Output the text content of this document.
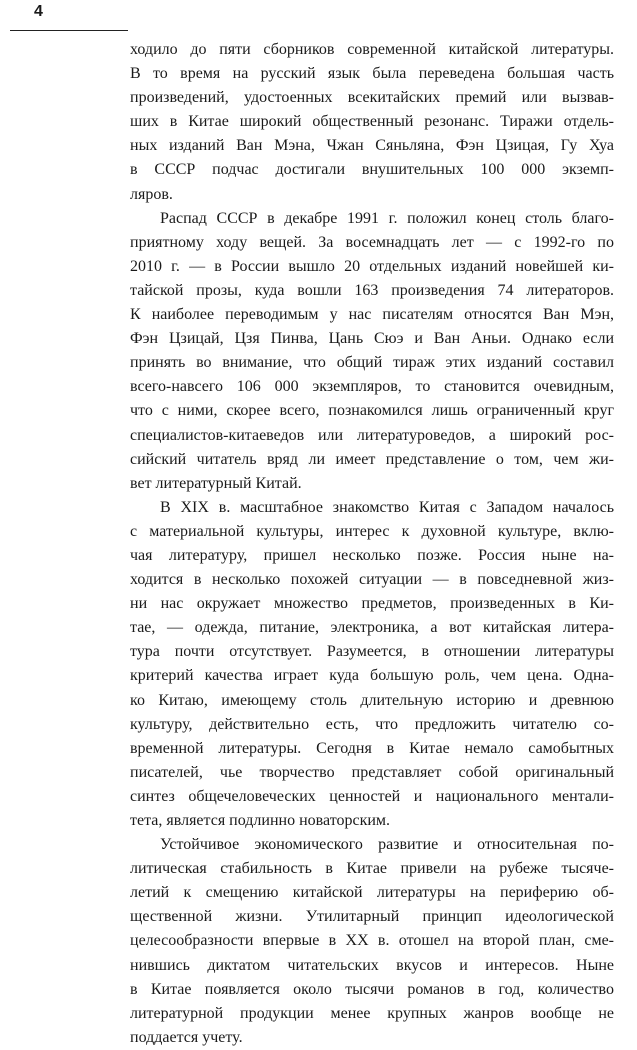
4
ходило до пяти сборников современной китайской литературы.
В то время на русский язык была переведена большая часть
произведений, удостоенных всекитайских премий или вызвав-
ших в Китае широкий общественный резонанс. Тиражи отдель-
ных изданий Ван Мэна, Чжан Сяньляна, Фэн Цзицая, Гу Хуа
в СССР подчас достигали внушительных 100 000 экземп-
ляров.
Распад СССР в декабре 1991 г. положил конец столь благо-
приятному ходу вещей. За восемнадцать лет — с 1992-го по
2010 г. — в России вышло 20 отдельных изданий новейшей ки-
тайской прозы, куда вошли 163 произведения 74 литераторов.
К наиболее переводимым у нас писателям относятся Ван Мэн,
Фэн Цзицай, Цзя Пинва, Цань Сюэ и Ван Аньи. Однако если
принять во внимание, что общий тираж этих изданий составил
всего-навсего 106 000 экземпляров, то становится очевидным,
что с ними, скорее всего, познакомился лишь ограниченный круг
специалистов-китаеведов или литературоведов, а широкий рос-
сийский читатель вряд ли имеет представление о том, чем жи-
вет литературный Китай.
В XIX в. масштабное знакомство Китая с Западом началось
с материальной культуры, интерес к духовной культуре, вклю-
чая литературу, пришел несколько позже. Россия ныне на-
ходится в несколько похожей ситуации — в повседневной жиз-
ни нас окружает множество предметов, произведенных в Ки-
тае, — одежда, питание, электроника, а вот китайская литера-
тура почти отсутствует. Разумеется, в отношении литературы
критерий качества играет куда большую роль, чем цена. Одна-
ко Китаю, имеющему столь длительную историю и древнюю
культуру, действительно есть, что предложить читателю со-
временной литературы. Сегодня в Китае немало самобытных
писателей, чье творчество представляет собой оригинальный
синтез общечеловеческих ценностей и национального ментали-
тета, является подлинно новаторским.
Устойчивое экономического развитие и относительная по-
литическая стабильность в Китае привели на рубеже тысяче-
летий к смещению китайской литературы на периферию об-
щественной жизни. Утилитарный принцип идеологической
целесообразности впервые в XX в. отошел на второй план, сме-
нившись диктатом читательских вкусов и интересов. Ныне
в Китае появляется около тысячи романов в год, количество
литературной продукции менее крупных жанров вообще не
поддается учету.
